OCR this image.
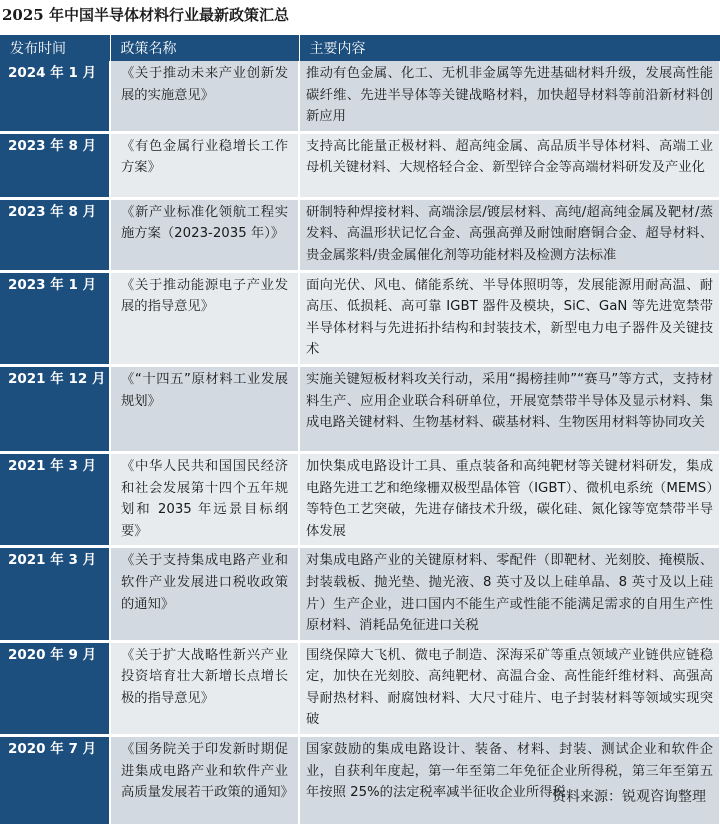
2025 年中国半导体材料行业最新政策汇总
发布时间	政策名称	主要内容
2024 年 1 月	《关于推动未来产业创新发展的实施意见》	推动有色金属、化工、无机非金属等先进基础材料升级，发展高性能碳纤维、先进半导体等关键战略材料，加快超导材料等前沿新材料创新应用
2023 年 8 月	《有色金属行业稳增长工作方案》	支持高比能量正极材料、超高纯金属、高品质半导体材料、高端工业母机关键材料、大规格轻合金、新型锌合金等高端材料研发及产业化
2023 年 8 月	《新产业标准化领航工程实施方案（2023-2035 年）》	研制特种焊接材料、高端涂层/镀层材料、高纯/超高纯金属及靶材/蒸发料、高温形状记忆合金、高强高弹及耐蚀耐磨铜合金、超导材料、贵金属浆料/贵金属催化剂等功能材料及检测方法标准
2023 年 1 月	《关于推动能源电子产业发展的指导意见》	面向光伏、风电、储能系统、半导体照明等，发展能源用耐高温、耐高压、低损耗、高可靠 IGBT 器件及模块，SiC、GaN 等先进宽禁带半导体材料与先进拓扑结构和封装技术，新型电力电子器件及关键技术
2021 年 12 月	《“十四五”原材料工业发展规划》	实施关键短板材料攻关行动，采用“揭榜挂帅”“赛马”等方式，支持材料生产、应用企业联合科研单位，开展宽禁带半导体及显示材料、集成电路关键材料、生物基材料、碳基材料、生物医用材料等协同攻关
2021 年 3 月	《中华人民共和国国民经济和社会发展第十四个五年规划和 2035 年远景目标纲要》	加快集成电路设计工具、重点装备和高纯靶材等关键材料研发，集成电路先进工艺和绝缘栅双极型晶体管（IGBT）、微机电系统（MEMS）等特色工艺突破，先进存储技术升级，碳化硅、氮化镓等宽禁带半导体发展
2021 年 3 月	《关于支持集成电路产业和软件产业发展进口税收政策的通知》	对集成电路产业的关键原材料、零配件（即靶材、光刻胶、掩模版、封装载板、抛光垫、抛光液、8 英寸及以上硅单晶、8 英寸及以上硅片）生产企业，进口国内不能生产或性能不能满足需求的自用生产性原材料、消耗品免征进口关税
2020 年 9 月	《关于扩大战略性新兴产业投资培育壮大新增长点增长极的指导意见》	围绕保障大飞机、微电子制造、深海采矿等重点领域产业链供应链稳定，加快在光刻胶、高纯靶材、高温合金、高性能纤维材料、高强高导耐热材料、耐腐蚀材料、大尺寸硅片、电子封装材料等领域实现突破
2020 年 7 月	《国务院关于印发新时期促进集成电路产业和软件产业高质量发展若干政策的通知》	国家鼓励的集成电路设计、装备、材料、封装、测试企业和软件企业，自获利年度起，第一年至第二年免征企业所得税，第三年至第五年按照 25%的法定税率减半征收企业所得税
资料来源：锐观咨询整理
